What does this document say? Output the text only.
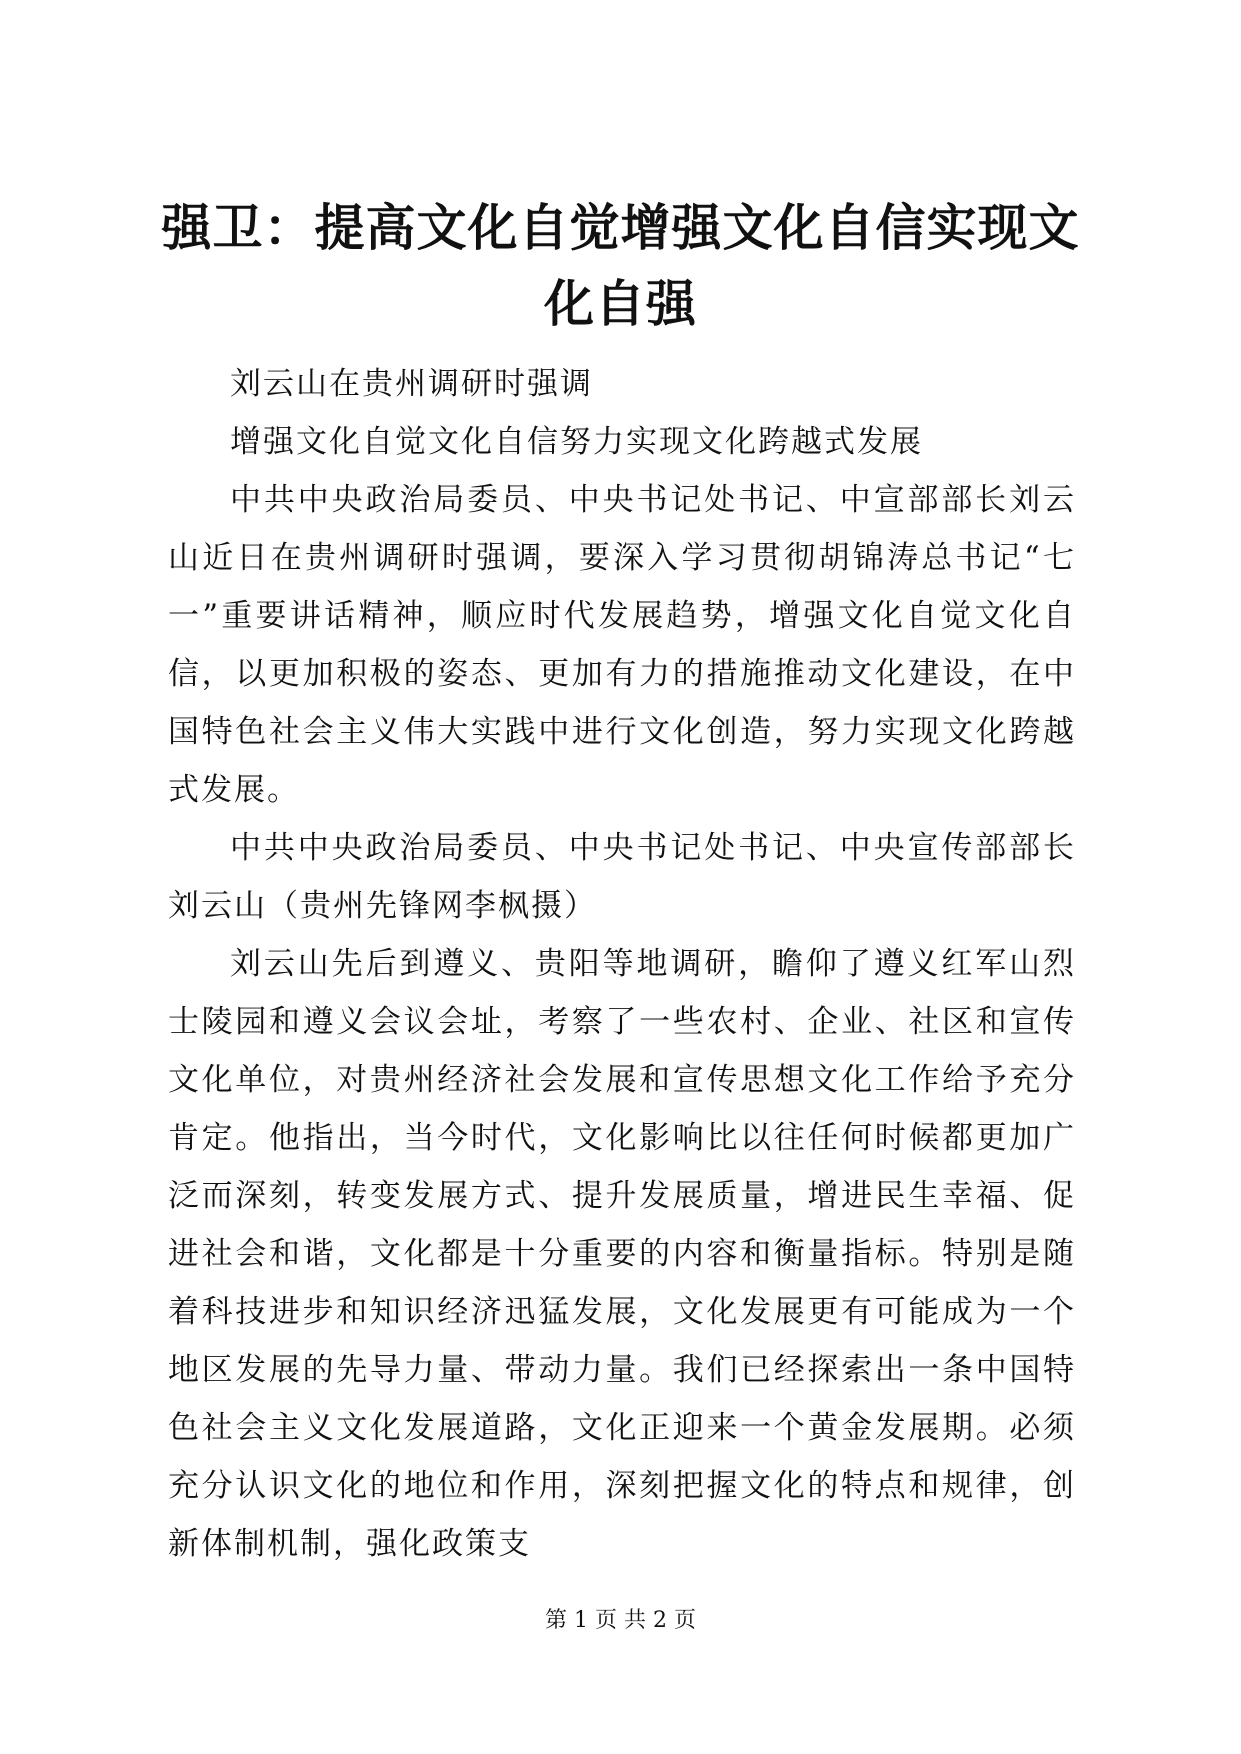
强卫：提高文化自觉增强文化自信实现文化自强

刘云山在贵州调研时强调

增强文化自觉文化自信努力实现文化跨越式发展

中共中央政治局委员、中央书记处书记、中宣部部长刘云山近日在贵州调研时强调，要深入学习贯彻胡锦涛总书记“七一”重要讲话精神，顺应时代发展趋势，增强文化自觉文化自信，以更加积极的姿态、更加有力的措施推动文化建设，在中国特色社会主义伟大实践中进行文化创造，努力实现文化跨越式发展。

中共中央政治局委员、中央书记处书记、中央宣传部部长刘云山（贵州先锋网李枫摄）

刘云山先后到遵义、贵阳等地调研，瞻仰了遵义红军山烈士陵园和遵义会议会址，考察了一些农村、企业、社区和宣传文化单位，对贵州经济社会发展和宣传思想文化工作给予充分肯定。他指出，当今时代，文化影响比以往任何时候都更加广泛而深刻，转变发展方式、提升发展质量，增进民生幸福、促进社会和谐，文化都是十分重要的内容和衡量指标。特别是随着科技进步和知识经济迅猛发展，文化发展更有可能成为一个地区发展的先导力量、带动力量。我们已经探索出一条中国特色社会主义文化发展道路，文化正迎来一个黄金发展期。必须充分认识文化的地位和作用，深刻把握文化的特点和规律，创新体制机制，强化政策支

第 1 页 共 2 页
